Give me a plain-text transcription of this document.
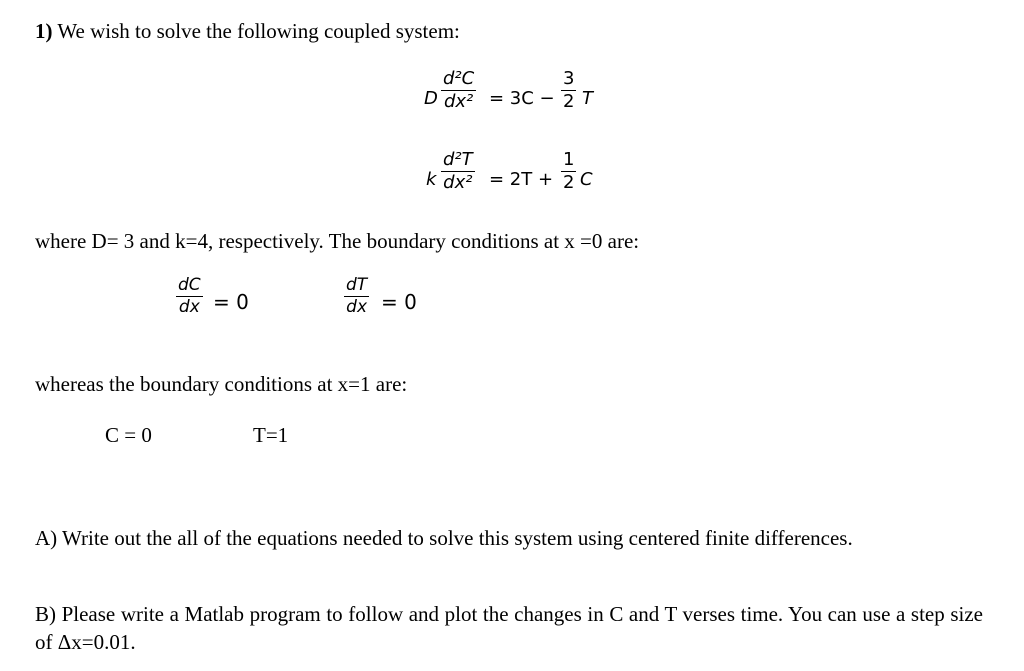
1) We wish to solve the following coupled system:
D $\frac{\text{d²C}}{\text{dx²}} = 3C - \frac{3}{2}$ T
k $\frac{\text{d²T}}{\text{dx²}} = 2T + \frac{1}{2}$ C
where D= 3 and k=4, respectively. The boundary conditions at x =0 are:
$\frac{dC}{dx} = 0$	$\frac{dT}{dx} = 0$
whereas the boundary conditions at x=1 are:
C = 0	T=1
A) Write out the all of the equations needed to solve this system using centered finite differences.
B) Please write a Matlab program to follow and plot the changes in C and T verses time. You can use a step size of Δx=0.01.
